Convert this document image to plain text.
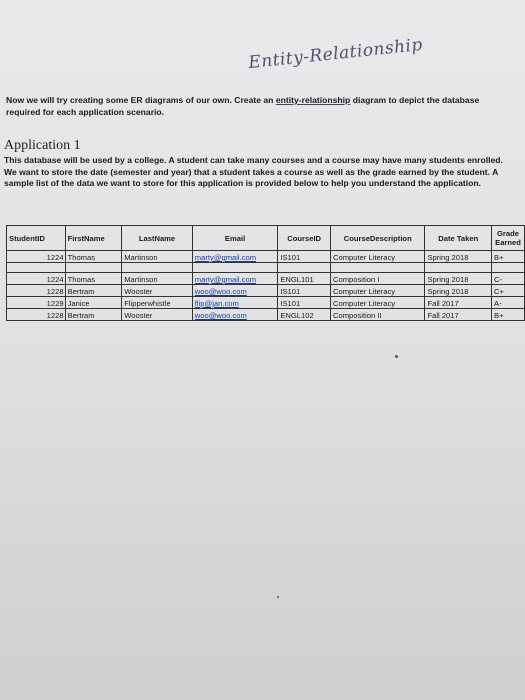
Entity-Relationship
Now we will try creating some ER diagrams of our own. Create an entity-relationship diagram to depict the database required for each application scenario.
Application 1
This database will be used by a college. A student can take many courses and a course may have many students enrolled. We want to store the date (semester and year) that a student takes a course as well as the grade earned by the student. A sample list of the data we want to store for this application is provided below to help you understand the application.
StudentID	FirstName	LastName	Email	CourseID	CourseDescription	Date Taken	Grade Earned
1224	Thomas	Martinson	marty@gmail.com	IS101	Computer Literacy	Spring 2018	B+

1224	Thomas	Martinson	marty@gmail.com	ENGL101	Composition I	Spring 2018	C-
1228	Bertram	Wooster	woo@woo.com	IS101	Computer Literacy	Spring 2018	C+
1229	Janice	Flipperwhistle	flip@jan.com	IS101	Computer Literacy	Fall 2017	A-
1228	Bertram	Wooster	woo@woo.com	ENGL102	Composition II	Fall 2017	B+
